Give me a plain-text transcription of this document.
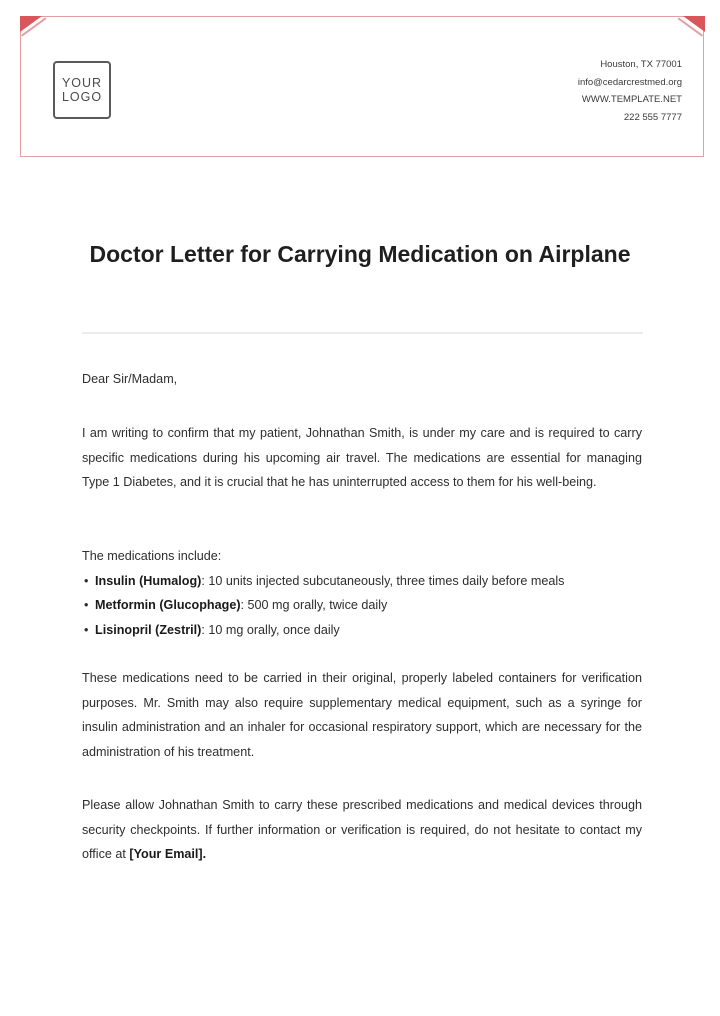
YOUR
LOGO
Houston, TX 77001
info@cedarcrestmed.org
WWW.TEMPLATE.NET
222 555 7777
Doctor Letter for Carrying Medication on Airplane

Dear Sir/Madam,

I am writing to confirm that my patient, Johnathan Smith, is under my care and is required to carry specific medications during his upcoming air travel. The medications are essential for managing Type 1 Diabetes, and it is crucial that he has uninterrupted access to them for his well-being.

The medications include:
• Insulin (Humalog): 10 units injected subcutaneously, three times daily before meals
• Metformin (Glucophage): 500 mg orally, twice daily
• Lisinopril (Zestril): 10 mg orally, once daily

These medications need to be carried in their original, properly labeled containers for verification purposes. Mr. Smith may also require supplementary medical equipment, such as a syringe for insulin administration and an inhaler for occasional respiratory support, which are necessary for the administration of his treatment.

Please allow Johnathan Smith to carry these prescribed medications and medical devices through security checkpoints. If further information or verification is required, do not hesitate to contact my office at [Your Email].
